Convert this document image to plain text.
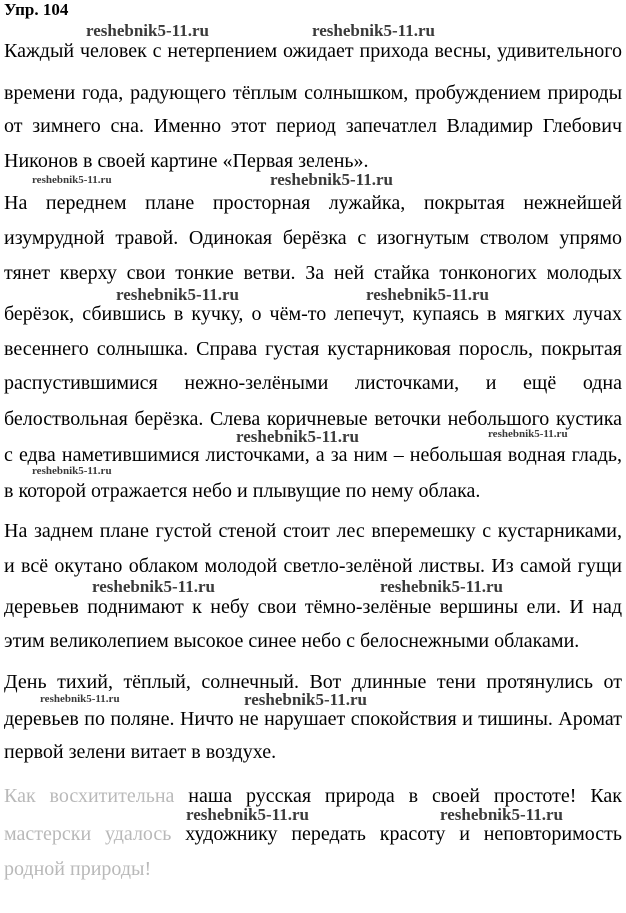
Упр. 104
Каждый человек с нетерпением ожидает прихода весны, удивительного
времени года, радующего тёплым солнышком, пробуждением природы
от зимнего сна. Именно этот период запечатлел Владимир Глебович
Никонов в своей картине «Первая зелень».
На переднем плане просторная лужайка, покрытая нежнейшей
изумрудной травой. Одинокая берёзка с изогнутым стволом упрямо
тянет кверху свои тонкие ветви. За ней стайка тонконогих молодых
берёзок, сбившись в кучку, о чём-то лепечут, купаясь в мягких лучах
весеннего солнышка. Справа густая кустарниковая поросль, покрытая
распустившимися нежно-зелёными листочками, и ещё одна
белоствольная берёзка. Слева коричневые веточки небольшого кустика
с едва наметившимися листочками, а за ним – небольшая водная гладь,
в которой отражается небо и плывущие по нему облака.
На заднем плане густой стеной стоит лес вперемешку с кустарниками,
и всё окутано облаком молодой светло-зелёной листвы. Из самой гущи
деревьев поднимают к небу свои тёмно-зелёные вершины ели. И над
этим великолепием высокое синее небо с белоснежными облаками.
День тихий, тёплый, солнечный. Вот длинные тени протянулись от
деревьев по поляне. Ничто не нарушает спокойствия и тишины. Аромат
первой зелени витает в воздухе.
Как восхитительна наша русская природа в своей простоте! Как
мастерски удалось художнику передать красоту и неповторимость
родной природы!
reshebnik5-11.ru	reshebnik5-11.ru
reshebnik5-11.ru	reshebnik5-11.ru
reshebnik5-11.ru	reshebnik5-11.ru
reshebnik5-11.ru	reshebnik5-11.ru
reshebnik5-11.ru
reshebnik5-11.ru	reshebnik5-11.ru
reshebnik5-11.ru	reshebnik5-11.ru
reshebnik5-11.ru	reshebnik5-11.ru
